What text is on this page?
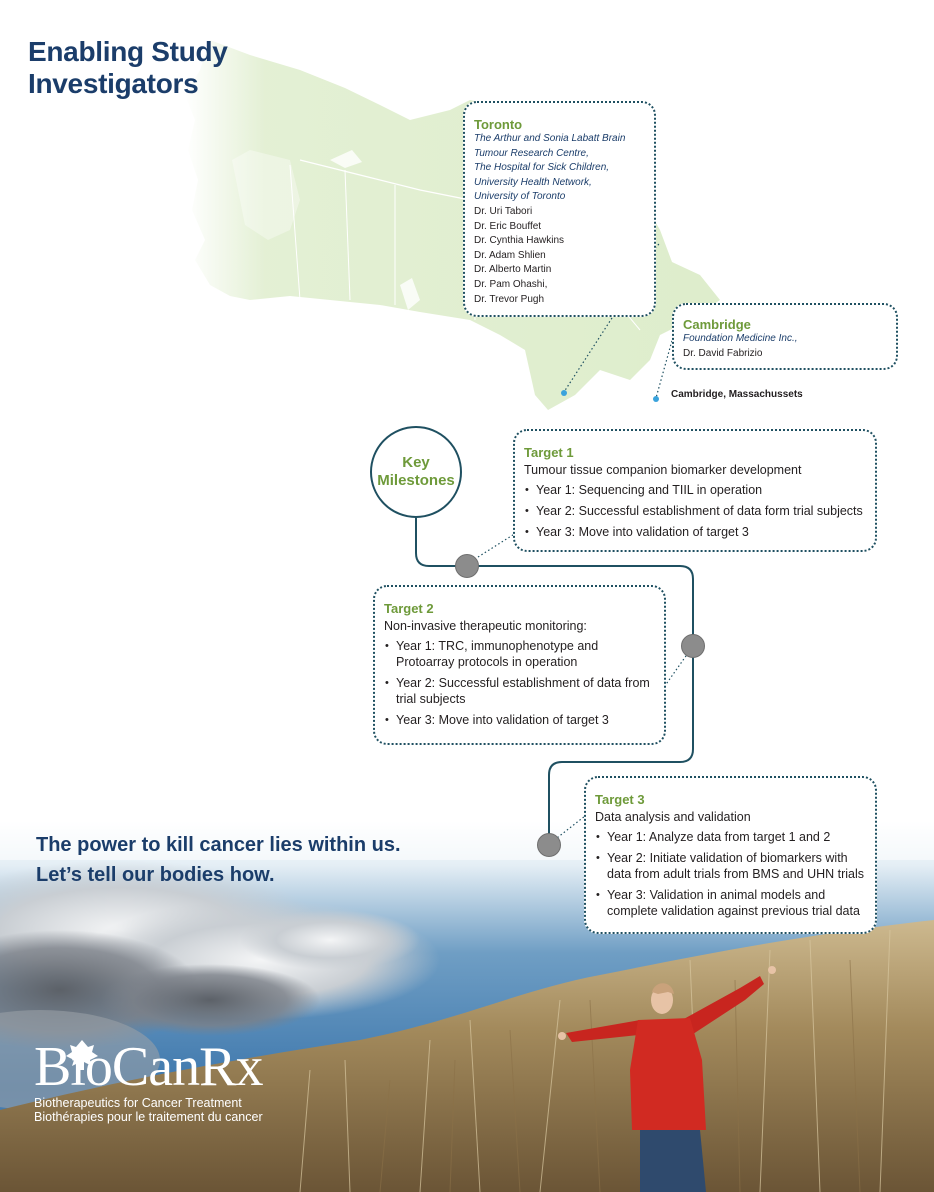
Enabling Study
Investigators
Toronto
The Arthur and Sonia Labatt Brain
Tumour Research Centre,
The Hospital for Sick Children,
University Health Network,
University of Toronto
Dr. Uri Tabori
Dr. Eric Bouffet
Dr. Cynthia Hawkins
Dr. Adam Shlien
Dr. Alberto Martin
Dr. Pam Ohashi,
Dr. Trevor Pugh
Cambridge
Foundation Medicine Inc.,
Dr. David Fabrizio
Cambridge, Massachussets
Key
Milestones
Target 1
Tumour tissue companion biomarker development
• Year 1: Sequencing and TIIL in operation
• Year 2: Successful establishment of data form trial subjects
• Year 3: Move into validation of target 3
Target 2
Non-invasive therapeutic monitoring:
• Year 1: TRC, immunophenotype and Protoarray protocols in operation
• Year 2: Successful establishment of data from trial subjects
• Year 3: Move into validation of target 3
Target 3
Data analysis and validation
• Year 1: Analyze data from target 1 and 2
• Year 2: Initiate validation of biomarkers with data from adult trials from BMS and UHN trials
• Year 3: Validation in animal models and complete validation against previous trial data
The power to kill cancer lies within us.
Let’s tell our bodies how.
BioCanRx
Biotherapeutics for Cancer Treatment
Biothérapies pour le traitement du cancer
